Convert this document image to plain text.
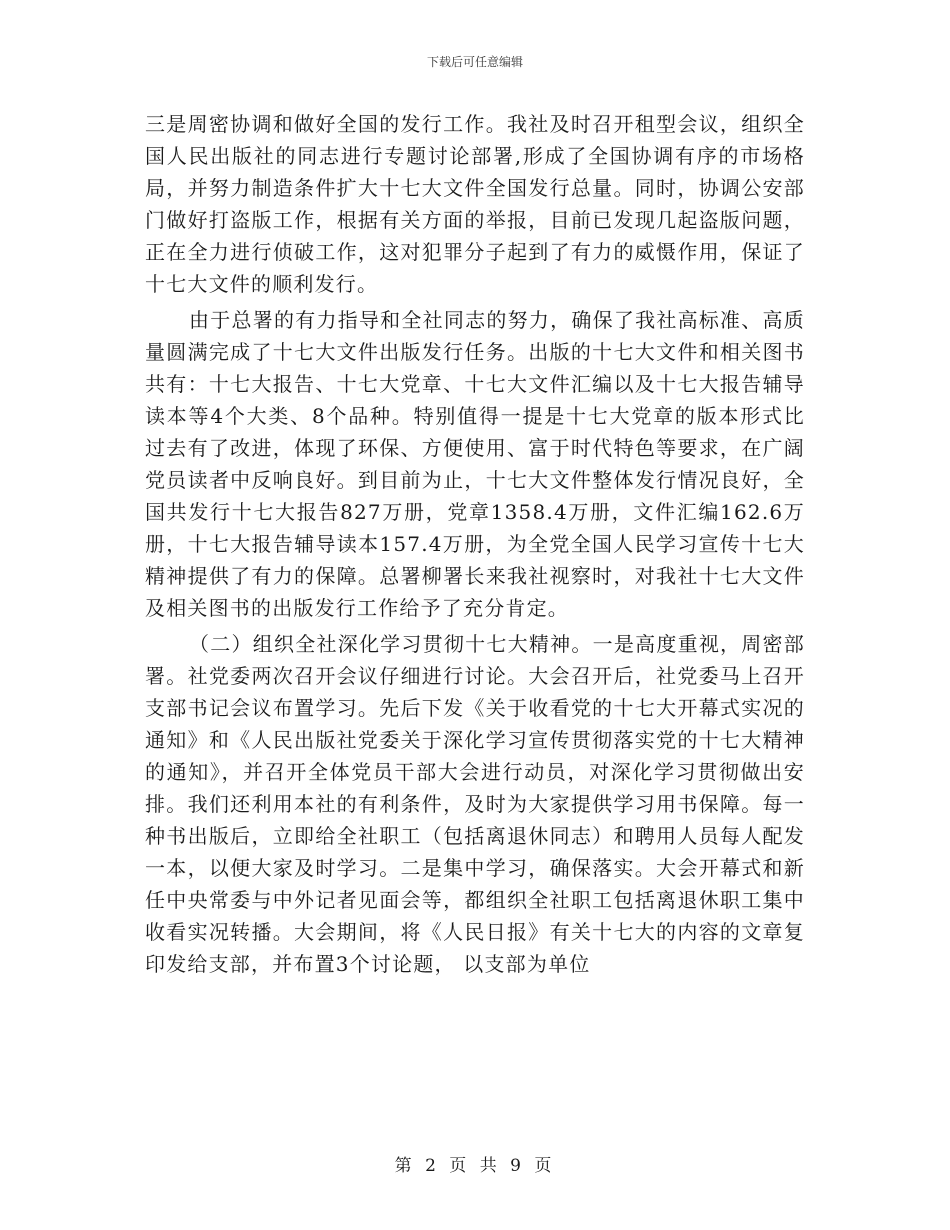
下载后可任意编辑

三是周密协调和做好全国的发行工作。我社及时召开租型会议，组织全国人民出版社的同志进行专题讨论部署,形成了全国协调有序的市场格局，并努力制造条件扩大十七大文件全国发行总量。同时，协调公安部门做好打盗版工作，根据有关方面的举报，目前已发现几起盗版问题，正在全力进行侦破工作，这对犯罪分子起到了有力的威慑作用，保证了十七大文件的顺利发行。

由于总署的有力指导和全社同志的努力，确保了我社高标准、高质量圆满完成了十七大文件出版发行任务。出版的十七大文件和相关图书共有：十七大报告、十七大党章、十七大文件汇编以及十七大报告辅导读本等4个大类、8个品种。特别值得一提是十七大党章的版本形式比过去有了改进，体现了环保、方便使用、富于时代特色等要求，在广阔党员读者中反响良好。到目前为止，十七大文件整体发行情况良好，全国共发行十七大报告827万册，党章1358.4万册，文件汇编162.6万册，十七大报告辅导读本157.4万册，为全党全国人民学习宣传十七大精神提供了有力的保障。总署柳署长来我社视察时，对我社十七大文件及相关图书的出版发行工作给予了充分肯定。

（二）组织全社深化学习贯彻十七大精神。一是高度重视，周密部署。社党委两次召开会议仔细进行讨论。大会召开后，社党委马上召开支部书记会议布置学习。先后下发《关于收看党的十七大开幕式实况的通知》和《人民出版社党委关于深化学习宣传贯彻落实党的十七大精神的通知》，并召开全体党员干部大会进行动员，对深化学习贯彻做出安排。我们还利用本社的有利条件，及时为大家提供学习用书保障。每一种书出版后，立即给全社职工（包括离退休同志）和聘用人员每人配发一本，以便大家及时学习。二是集中学习，确保落实。大会开幕式和新任中央常委与中外记者见面会等，都组织全社职工包括离退休职工集中收看实况转播。大会期间，将《人民日报》有关十七大的内容的文章复印发给支部，并布置3个讨论题， 以支部为单位

第 2 页 共 9 页
